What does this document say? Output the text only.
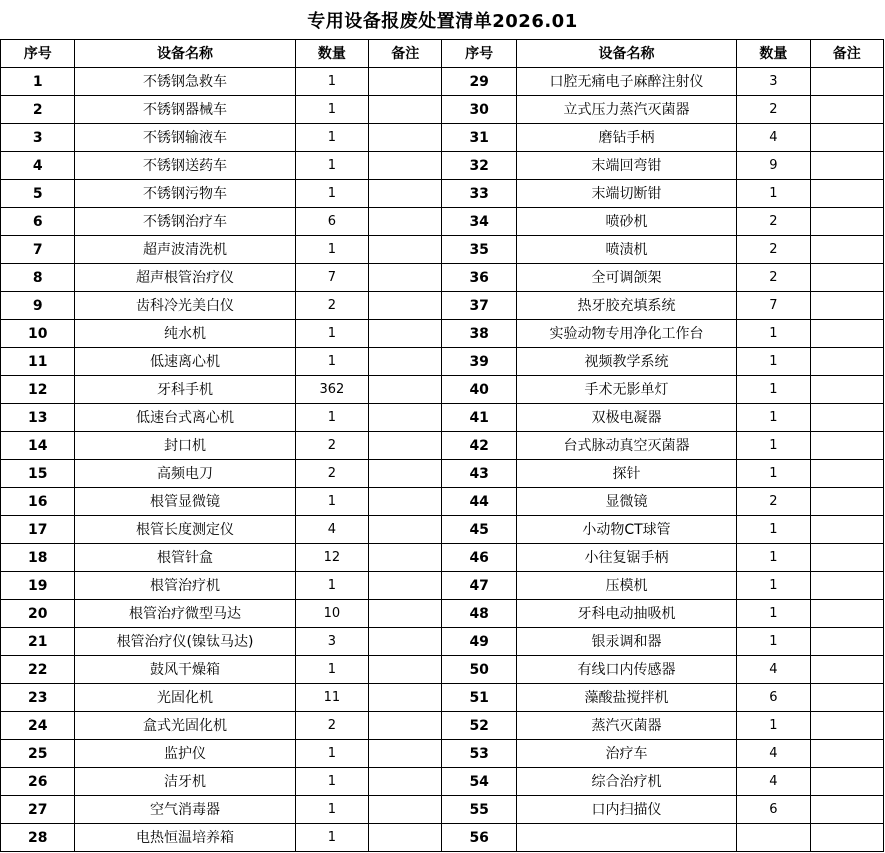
专用设备报废处置清单2026.01
序号	设备名称	数量	备注	序号	设备名称	数量	备注
1	不锈钢急救车	1		29	口腔无痛电子麻醉注射仪	3	
2	不锈钢器械车	1		30	立式压力蒸汽灭菌器	2	
3	不锈钢输液车	1		31	磨钻手柄	4	
4	不锈钢送药车	1		32	末端回弯钳	9	
5	不锈钢污物车	1		33	末端切断钳	1	
6	不锈钢治疗车	6		34	喷砂机	2	
7	超声波清洗机	1		35	喷渍机	2	
8	超声根管治疗仪	7		36	全可调颌架	2	
9	齿科冷光美白仪	2		37	热牙胶充填系统	7	
10	纯水机	1		38	实验动物专用净化工作台	1	
11	低速离心机	1		39	视频教学系统	1	
12	牙科手机	362		40	手术无影单灯	1	
13	低速台式离心机	1		41	双极电凝器	1	
14	封口机	2		42	台式脉动真空灭菌器	1	
15	高频电刀	2		43	探针	1	
16	根管显微镜	1		44	显微镜	2	
17	根管长度测定仪	4		45	小动物CT球管	1	
18	根管针盒	12		46	小往复锯手柄	1	
19	根管治疗机	1		47	压模机	1	
20	根管治疗微型马达	10		48	牙科电动抽吸机	1	
21	根管治疗仪(镍钛马达)	3		49	银汞调和器	1	
22	鼓风干燥箱	1		50	有线口内传感器	4	
23	光固化机	11		51	藻酸盐搅拌机	6	
24	盒式光固化机	2		52	蒸汽灭菌器	1	
25	监护仪	1		53	治疗车	4	
26	洁牙机	1		54	综合治疗机	4	
27	空气消毒器	1		55	口内扫描仪	6	
28	电热恒温培养箱	1		56			
